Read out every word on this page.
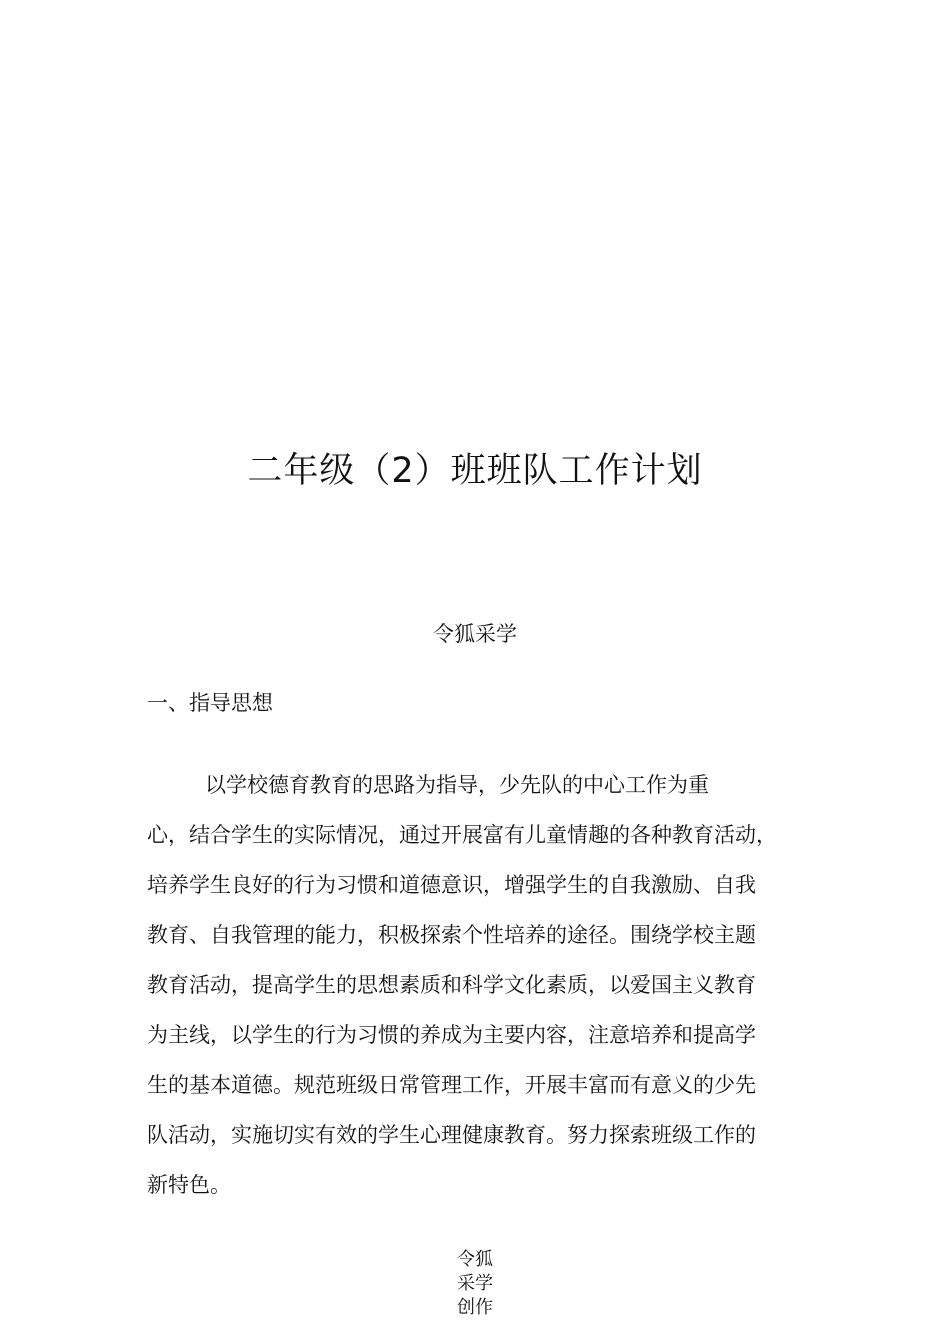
二年级（2）班班队工作计划
令狐采学
一、指导思想

以学校德育教育的思路为指导，少先队的中心工作为重
心，结合学生的实际情况，通过开展富有儿童情趣的各种教育活动，
培养学生良好的行为习惯和道德意识，增强学生的自我激励、自我
教育、自我管理的能力，积极探索个性培养的途径。围绕学校主题
教育活动，提高学生的思想素质和科学文化素质，以爱国主义教育
为主线，以学生的行为习惯的养成为主要内容，注意培养和提高学
生的基本道德。规范班级日常管理工作，开展丰富而有意义的少先
队活动，实施切实有效的学生心理健康教育。努力探索班级工作的
新特色。

令狐
采学
创作
